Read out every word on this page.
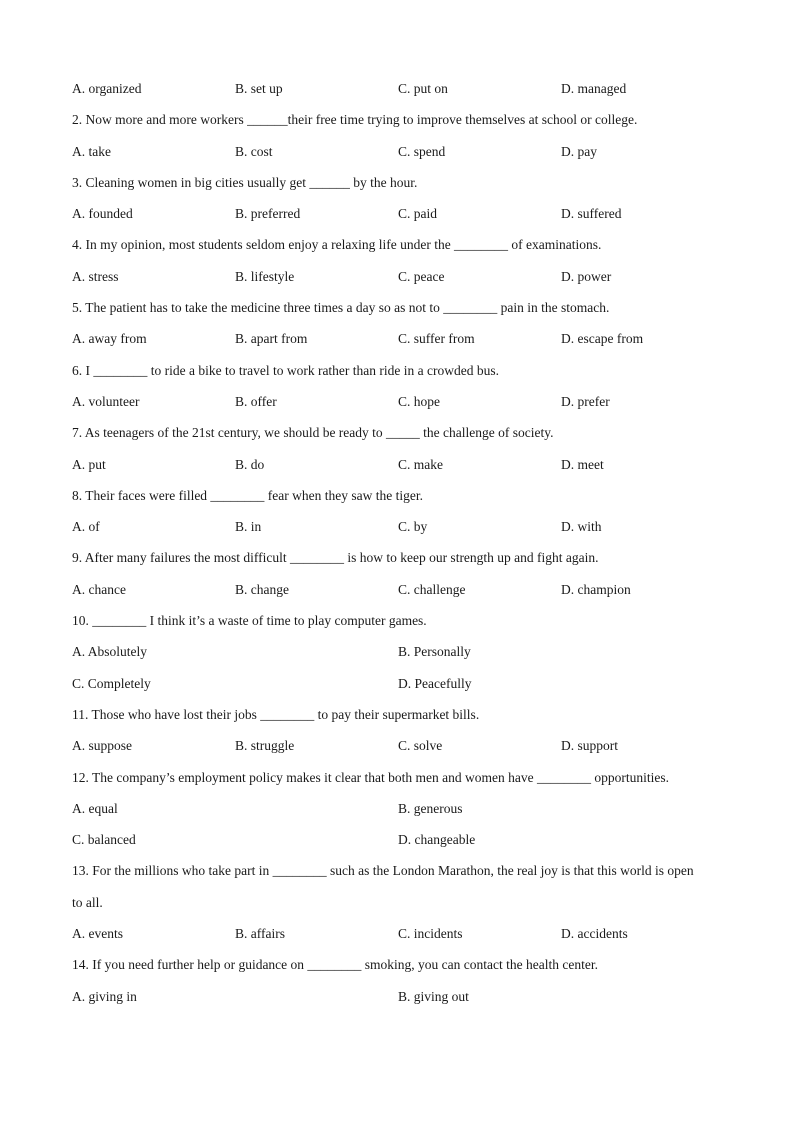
A. organized	B. set up	C. put on	D. managed
2. Now more and more workers ______their free time trying to improve themselves at school or college.
A. take	B. cost	C. spend	D. pay
3. Cleaning women in big cities usually get ______ by the hour.
A. founded	B. preferred	C. paid	D. suffered
4. In my opinion, most students seldom enjoy a relaxing life under the ________ of examinations.
A. stress	B. lifestyle	C. peace	D. power
5. The patient has to take the medicine three times a day so as not to ________ pain in the stomach.
A. away from	B. apart from	C. suffer from	D. escape from
6. I ________ to ride a bike to travel to work rather than ride in a crowded bus.
A. volunteer	B. offer	C. hope	D. prefer
7. As teenagers of the 21st century, we should be ready to _____ the challenge of society.
A. put	B. do	C. make	D. meet
8. Their faces were filled ________ fear when they saw the tiger.
A. of	B. in	C. by	D. with
9. After many failures the most difficult ________ is how to keep our strength up and fight again.
A. chance	B. change	C. challenge	D. champion
10. ________ I think it’s a waste of time to play computer games.
A. Absolutely	B. Personally
C. Completely	D. Peacefully
11. Those who have lost their jobs ________ to pay their supermarket bills.
A. suppose	B. struggle	C. solve	D. support
12. The company’s employment policy makes it clear that both men and women have ________ opportunities.
A. equal	B. generous
C. balanced	D. changeable
13. For the millions who take part in ________ such as the London Marathon, the real joy is that this world is open
to all.
A. events	B. affairs	C. incidents	D. accidents
14. If you need further help or guidance on ________ smoking, you can contact the health center.
A. giving in	B. giving out
